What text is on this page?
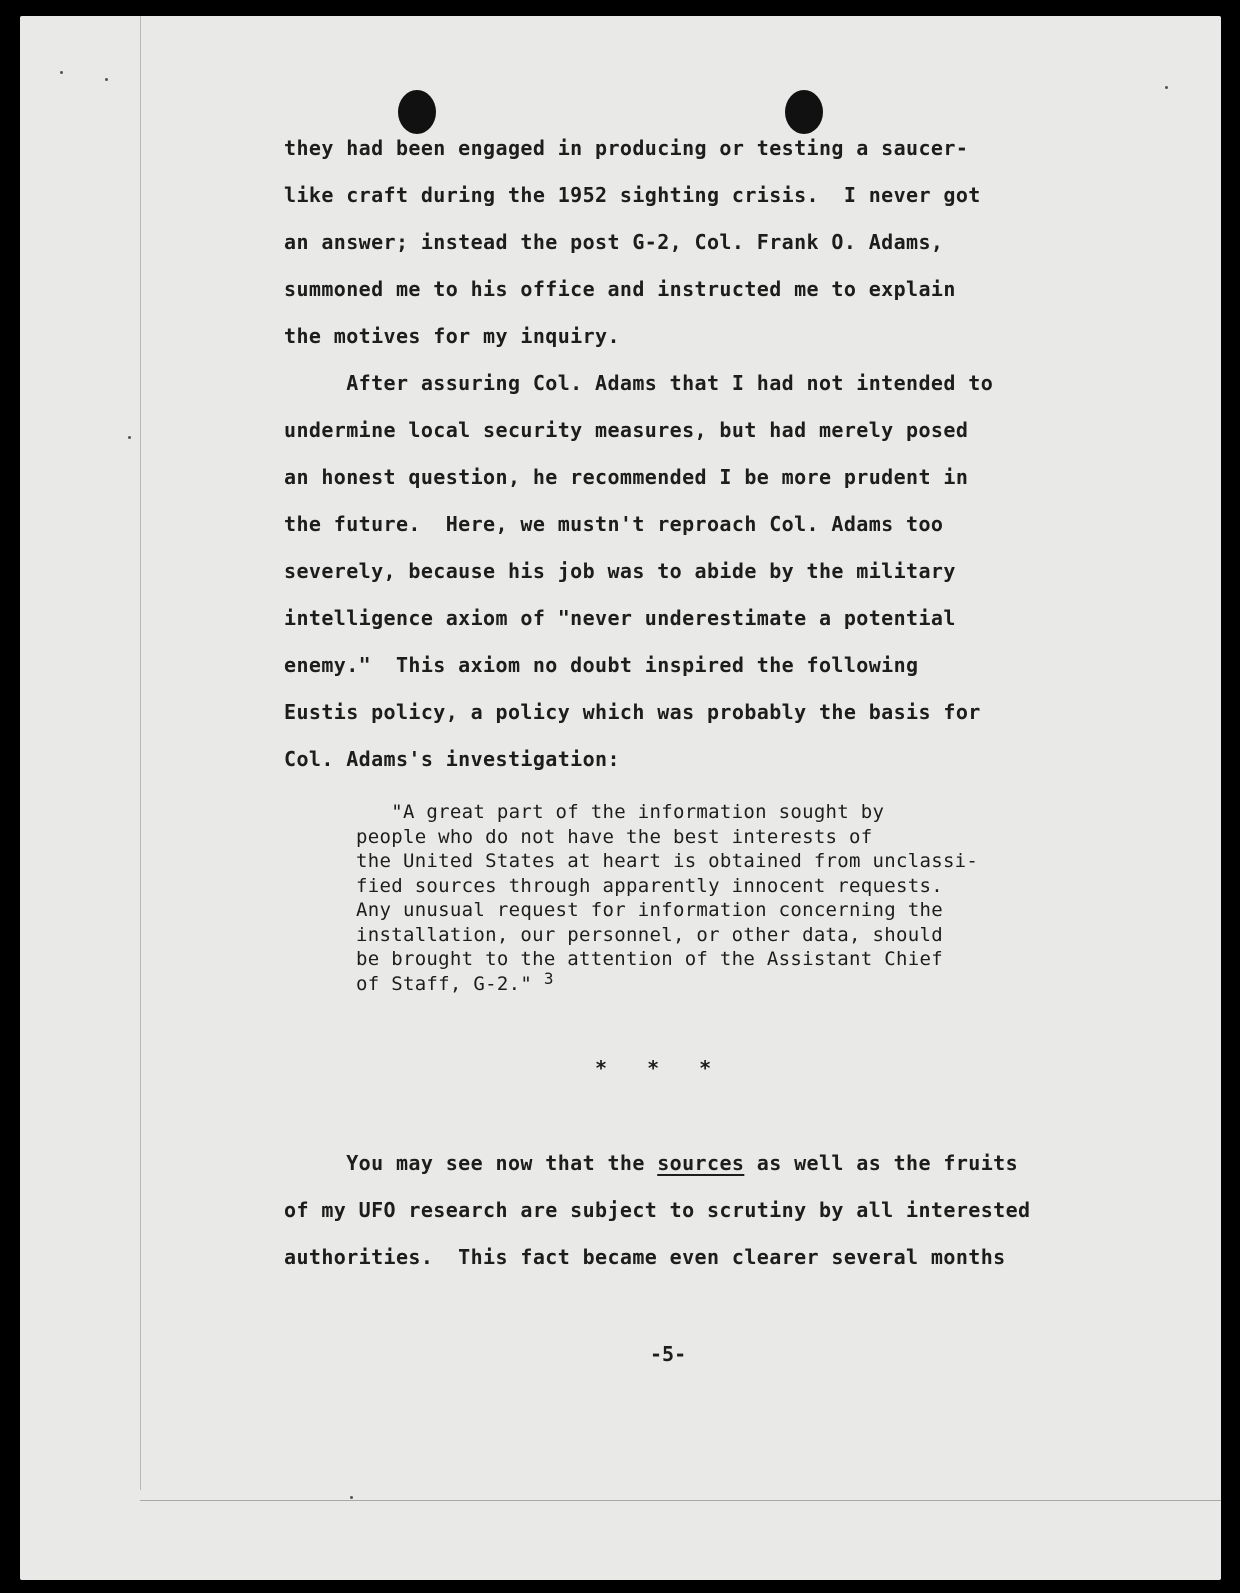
they had been engaged in producing or testing a saucer-
like craft during the 1952 sighting crisis.  I never got
an answer; instead the post G-2, Col. Frank O. Adams,
summoned me to his office and instructed me to explain
the motives for my inquiry.
After assuring Col. Adams that I had not intended to
undermine local security measures, but had merely posed
an honest question, he recommended I be more prudent in
the future.  Here, we mustn't reproach Col. Adams too
severely, because his job was to abide by the military
intelligence axiom of "never underestimate a potential
enemy."  This axiom no doubt inspired the following
Eustis policy, a policy which was probably the basis for
Col. Adams's investigation:
"A great part of the information sought by
people who do not have the best interests of
the United States at heart is obtained from unclassi-
fied sources through apparently innocent requests.
Any unusual request for information concerning the
installation, our personnel, or other data, should
be brought to the attention of the Assistant Chief
of Staff, G-2." $^3$
* * *
You may see now that the sources as well as the fruits
of my UFO research are subject to scrutiny by all interested
authorities.  This fact became even clearer several months
-5-
